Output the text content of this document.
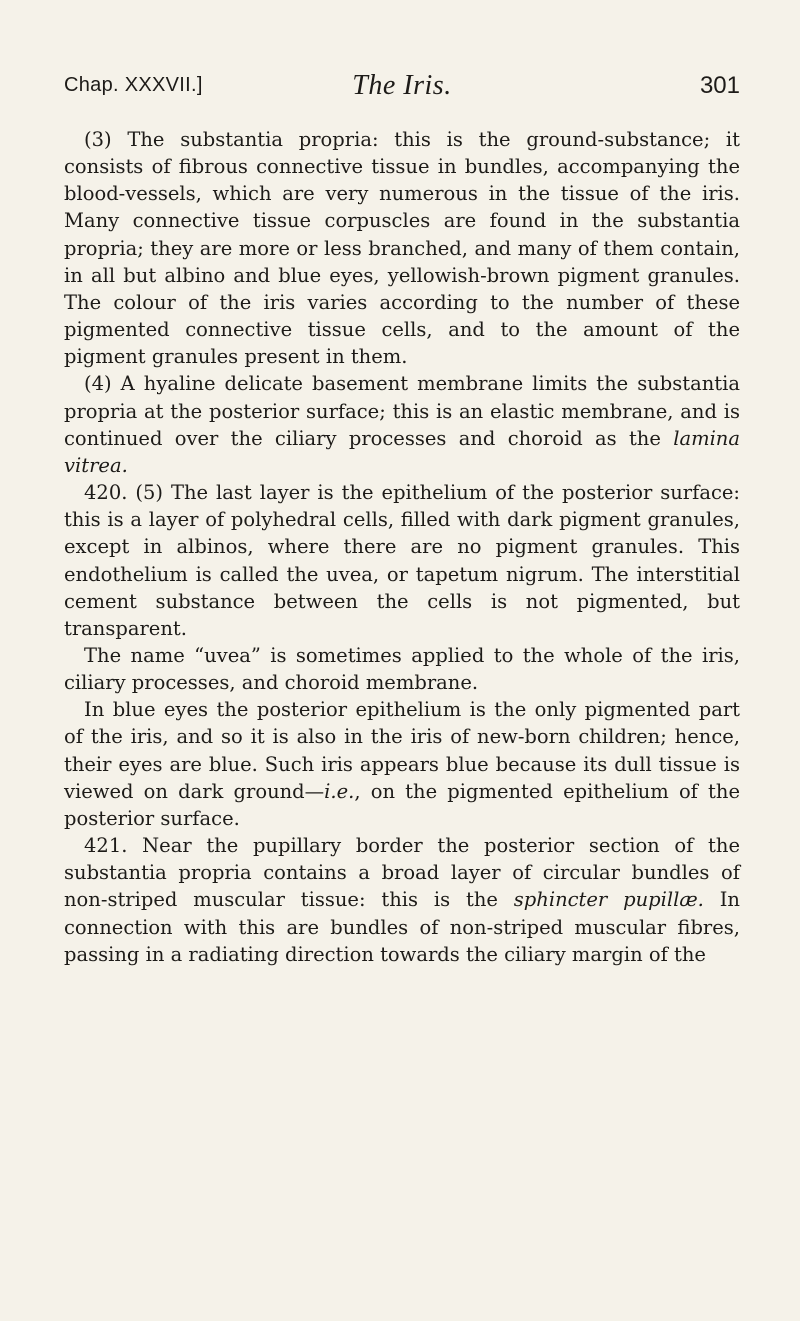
Chap. XXXVII.]	The Iris.	301

(3) The substantia propria: this is the ground-substance; it consists of fibrous connective tissue in bundles, accompanying the blood-vessels, which are very numerous in the tissue of the iris. Many connective tissue corpuscles are found in the substantia propria; they are more or less branched, and many of them contain, in all but albino and blue eyes, yellowish-brown pigment granules. The colour of the iris varies according to the number of these pigmented connective tissue cells, and to the amount of the pigment granules present in them.

(4) A hyaline delicate basement membrane limits the substantia propria at the posterior surface; this is an elastic membrane, and is continued over the ciliary processes and choroid as the lamina vitrea.

420. (5) The last layer is the epithelium of the posterior surface: this is a layer of polyhedral cells, filled with dark pigment granules, except in albinos, where there are no pigment granules. This endothelium is called the uvea, or tapetum nigrum. The interstitial cement substance between the cells is not pigmented, but transparent.

The name “uvea” is sometimes applied to the whole of the iris, ciliary processes, and choroid membrane.

In blue eyes the posterior epithelium is the only pigmented part of the iris, and so it is also in the iris of new-born children; hence, their eyes are blue. Such iris appears blue because its dull tissue is viewed on dark ground—i.e., on the pigmented epithelium of the posterior surface.

421. Near the pupillary border the posterior section of the substantia propria contains a broad layer of circular bundles of non-striped muscular tissue: this is the sphincter pupillæ. In connection with this are bundles of non-striped muscular fibres, passing in a radiating direction towards the ciliary margin of the
